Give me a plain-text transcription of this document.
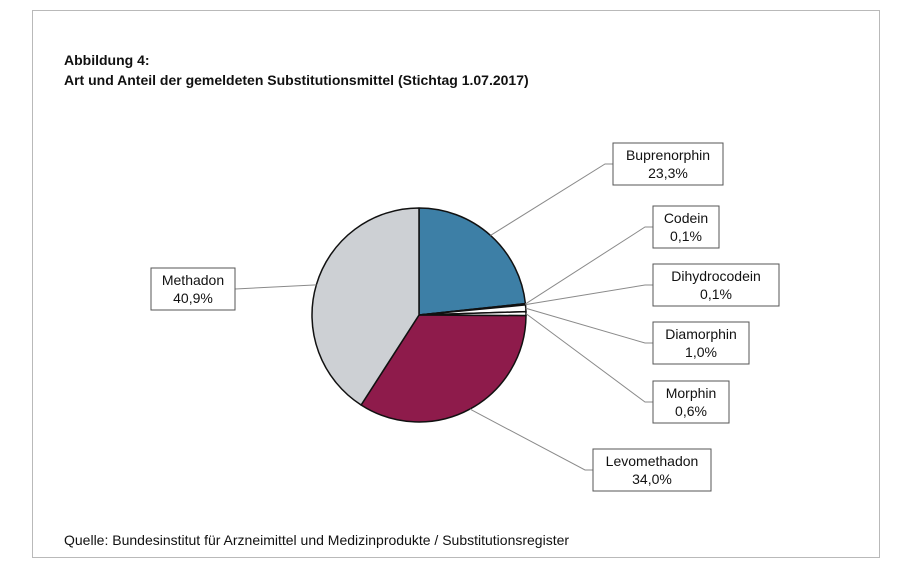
Abbildung 4:

Art und Anteil der gemeldeten Substitutionsmittel (Stichtag 1.07.2017)

Buprenorphin
23,3%
Codein
0,1%
Dihydrocodein
0,1%
Diamorphin
1,0%
Morphin
0,6%
Levomethadon
34,0%
Methadon
40,9%
Quelle: Bundesinstitut für Arzneimittel und Medizinprodukte / Substitutionsregister
